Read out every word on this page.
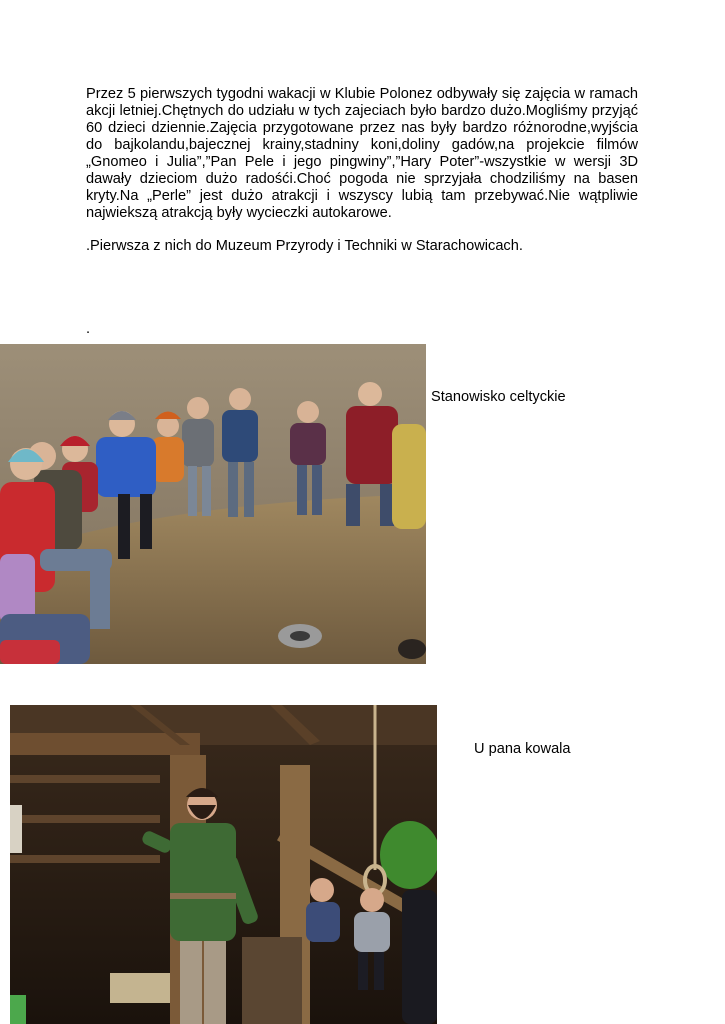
Przez 5 pierwszych tygodni wakacji w Klubie Polonez odbywały się zajęcia w ramach akcji letniej.Chętnych do udziału w tych zajeciach było bardzo dużo.Mogliśmy przyjąć 60 dzieci dziennie.Zajęcia przygotowane przez nas były bardzo różnorodne,wyjścia do bajkolandu,bajecznej krainy,stadniny koni,doliny gadów,na projekcie filmów „Gnomeo i Julia”,”Pan Pele i jego pingwiny”,”Hary Poter”-wszystkie w wersji 3D dawały dzieciom dużo radośći.Choć pogoda nie sprzyjała chodziliśmy na basen kryty.Na „Perle” jest dużo atrakcji i wszyscy lubią tam przebywać.Nie wątpliwie najwiekszą atrakcją były wycieczki autokarowe.

.Pierwsza z nich do Muzeum Przyrody i Techniki w Starachowicach.

.
Stanowisko celtyckie
U pana kowala
